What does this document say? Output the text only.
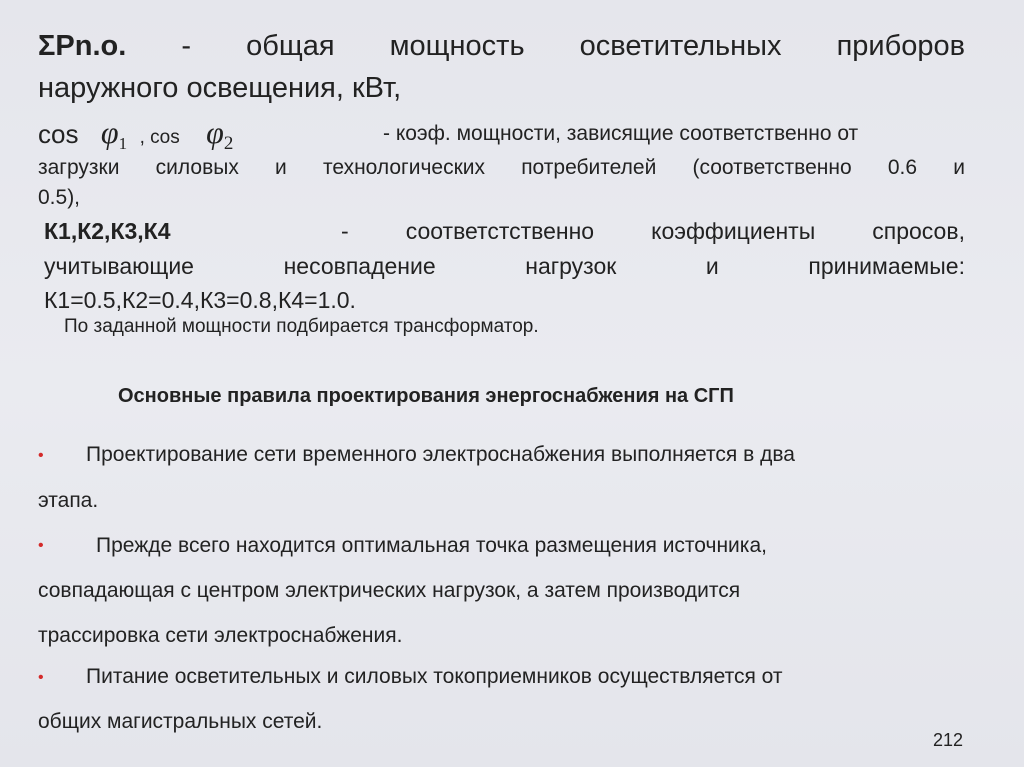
ΣPn.o. - общая мощность осветительных приборов
наружного освещения, кВт,
cos φ1 , cos φ2	- коэф. мощности, зависящие соответственно от
загрузки силовых и технологических потребителей (соответственно 0.6 и
0.5),
К1,К2,К3,К4	- соответстственно коэффициенты спросов,
учитывающие	несовпадение	нагрузок	и	принимаемые:
К1=0.5,К2=0.4,К3=0.8,К4=1.0.
По заданной мощности подбирается трансформатор.
Основные правила проектирования энергоснабжения на СГП
• Проектирование сети временного электроснабжения выполняется в два
этапа.
• Прежде всего находится оптимальная точка размещения источника,
совпадающая с центром электрических нагрузок, а затем производится
трассировка сети электроснабжения.
• Питание осветительных и силовых токоприемников осуществляется от
общих магистральных сетей.
212
